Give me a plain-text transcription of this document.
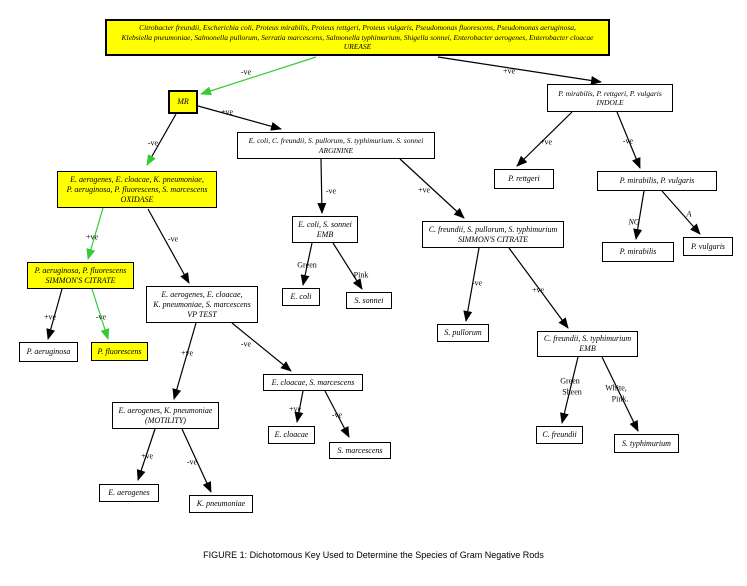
FIGURE 1: Dichotomous Key Used to Determine the Species of Gram Negative Rods
-ve	+ve
-ve
+ve
+ve	-ve
NG
A
-ve	+ve
Green
Pink
-ve
+ve
Green
Sheen	White,
Pink.
+ve	-ve
+ve	-ve
+ve
-ve
+ve
-ve
+ve
-ve
Citrobacter freundii, Escherichia coli, Proteus mirabilis, Proteus rettgeri, Proteus vulgaris, Pseudomonas fluorescens, Pseudomonas aeruginosa,
Klebsiella pneumoniae, Salmonella pullorum, Serratia marcescens, Salmonella typhimurium, Shigella sonnei, Enterobacter aerogenes, Enterobacter cloacae
UREASE
MR
P. mirabilis, P. rettgeri, P. vulgaris
INDOLE
E. coli, C. freundii, S. pullorum, S. typhimurium. S. sonnei
ARGININE
E. aerogenes, E. cloacae, K. pneumoniae,
P. aeruginosa, P. fluorescens, S. marcescens
OXIDASE
P. rettgeri	P. mirabilis, P. vulgaris
P. mirabilis
P. vulgaris
E. coli, S. sonnei
EMB
E. coli	S. sonnei
C. freundii, S. pullorum, S. typhimurium
SIMMON'S CITRATE
S. pullorum
C. freundii, S. typhimurium
EMB
C. freundii
S. typhimurium
P. aeruginosa, P. fluorescens
SIMMON'S CITRATE
P. aeruginosa	P. fluorescens
E. aerogenes, E. cloacae,
K. pneumoniae, S. marcescens
VP TEST
E. cloacae, S. marcescens
E. cloacae
S. marcescens
E. aerogenes, K. pneumoniae
(MOTILITY)
E. aerogenes
K. pneumoniae
